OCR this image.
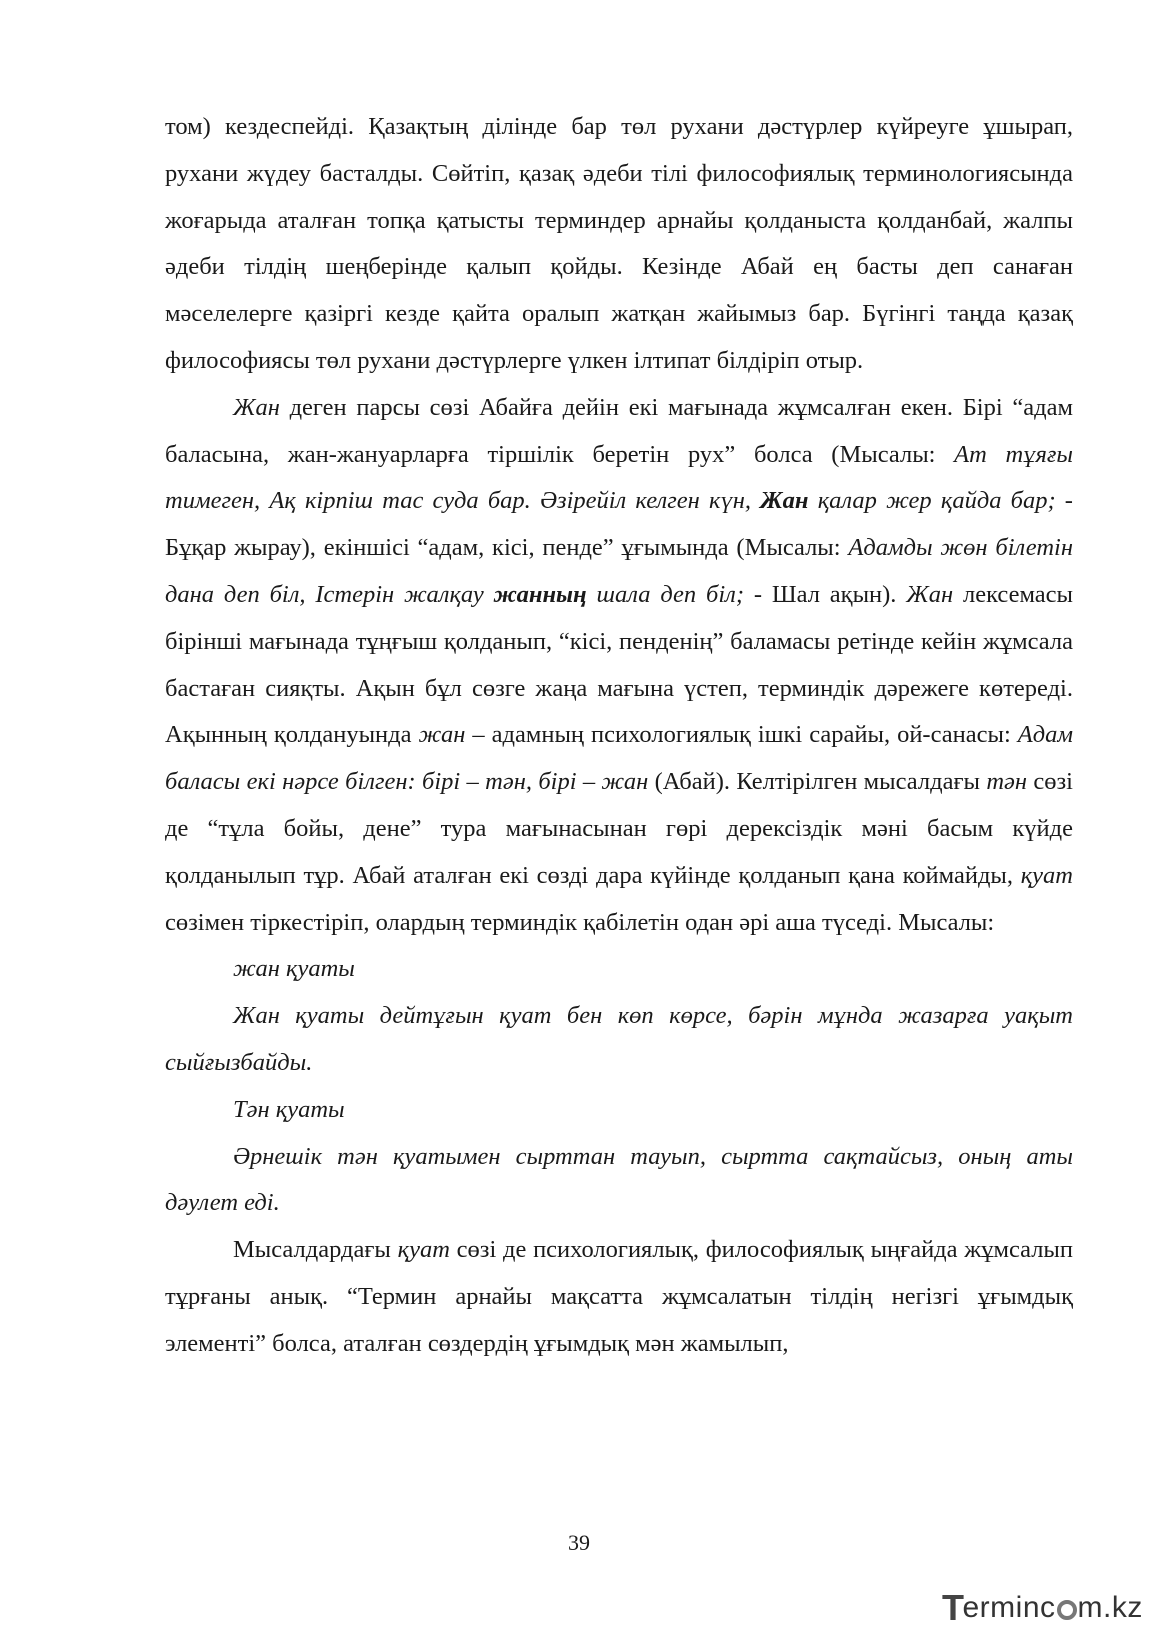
том) кездеспейді. Қазақтың ділінде бар төл рухани дәстүрлер күйреуге ұшырап, рухани жүдеу басталды. Сөйтіп, қазақ әдеби тілі философиялық терминологиясында жоғарыда аталған топқа қатысты терминдер арнайы қолданыста қолданбай, жалпы әдеби тілдің шеңберінде қалып қойды. Кезінде Абай ең басты деп санаған мәселелерге қазіргі кезде қайта оралып жатқан жайымыз бар. Бүгінгі таңда қазақ философиясы төл рухани дәстүрлерге үлкен ілтипат білдіріп отыр.

Жан деген парсы сөзі Абайға дейін екі мағынада жұмсалған екен. Бірі “адам баласына, жан-жануарларға тіршілік беретін рух” болса (Мысалы: Ат тұяғы тимеген, Ақ кірпіш тас суда бар. Әзірейіл келген күн, Жан қалар жер қайда бар; - Бұқар жырау), екіншісі “адам, кісі, пенде” ұғымында (Мысалы: Адамды жөн білетін дана деп біл, Істерін жалқау жанның шала деп біл; - Шал ақын). Жан лексемасы бірінші мағынада тұңғыш қолданып, “кісі, пенденің” баламасы ретінде кейін жұмсала бастаған сияқты. Ақын бұл сөзге жаңа мағына үстеп, терминдік дәрежеге көтереді. Ақынның қолдануында жан – адамның психологиялық ішкі сарайы, ой-санасы: Адам баласы екі нәрсе білген: бірі – тән, бірі – жан (Абай). Келтірілген мысалдағы тән сөзі де “тұла бойы, дене” тура мағынасынан гөрі дерексіздік мәні басым күйде қолданылып тұр. Абай аталған екі сөзді дара күйінде қолданып қана коймайды, қуат сөзімен тіркестіріп, олардың терминдік қабілетін одан әрі аша түседі. Мысалы:

жан қуаты

Жан қуаты дейтұғын қуат бен көп көрсе, бәрін мұнда жазарға уақыт сыйғызбайды.

Тән қуаты

Әрнешік тән қуатымен сырттан тауып, сыртта сақтайсыз, оның аты дәулет еді.

Мысалдардағы қуат сөзі де психологиялық, философиялық ыңғайда жұмсалып тұрғаны анық. “Термин арнайы мақсатта жұмсалатын тілдің негізгі ұғымдық элементі” болса, аталған сөздердің ұғымдық мән жамылып,

39
T
ermin c m.kz
